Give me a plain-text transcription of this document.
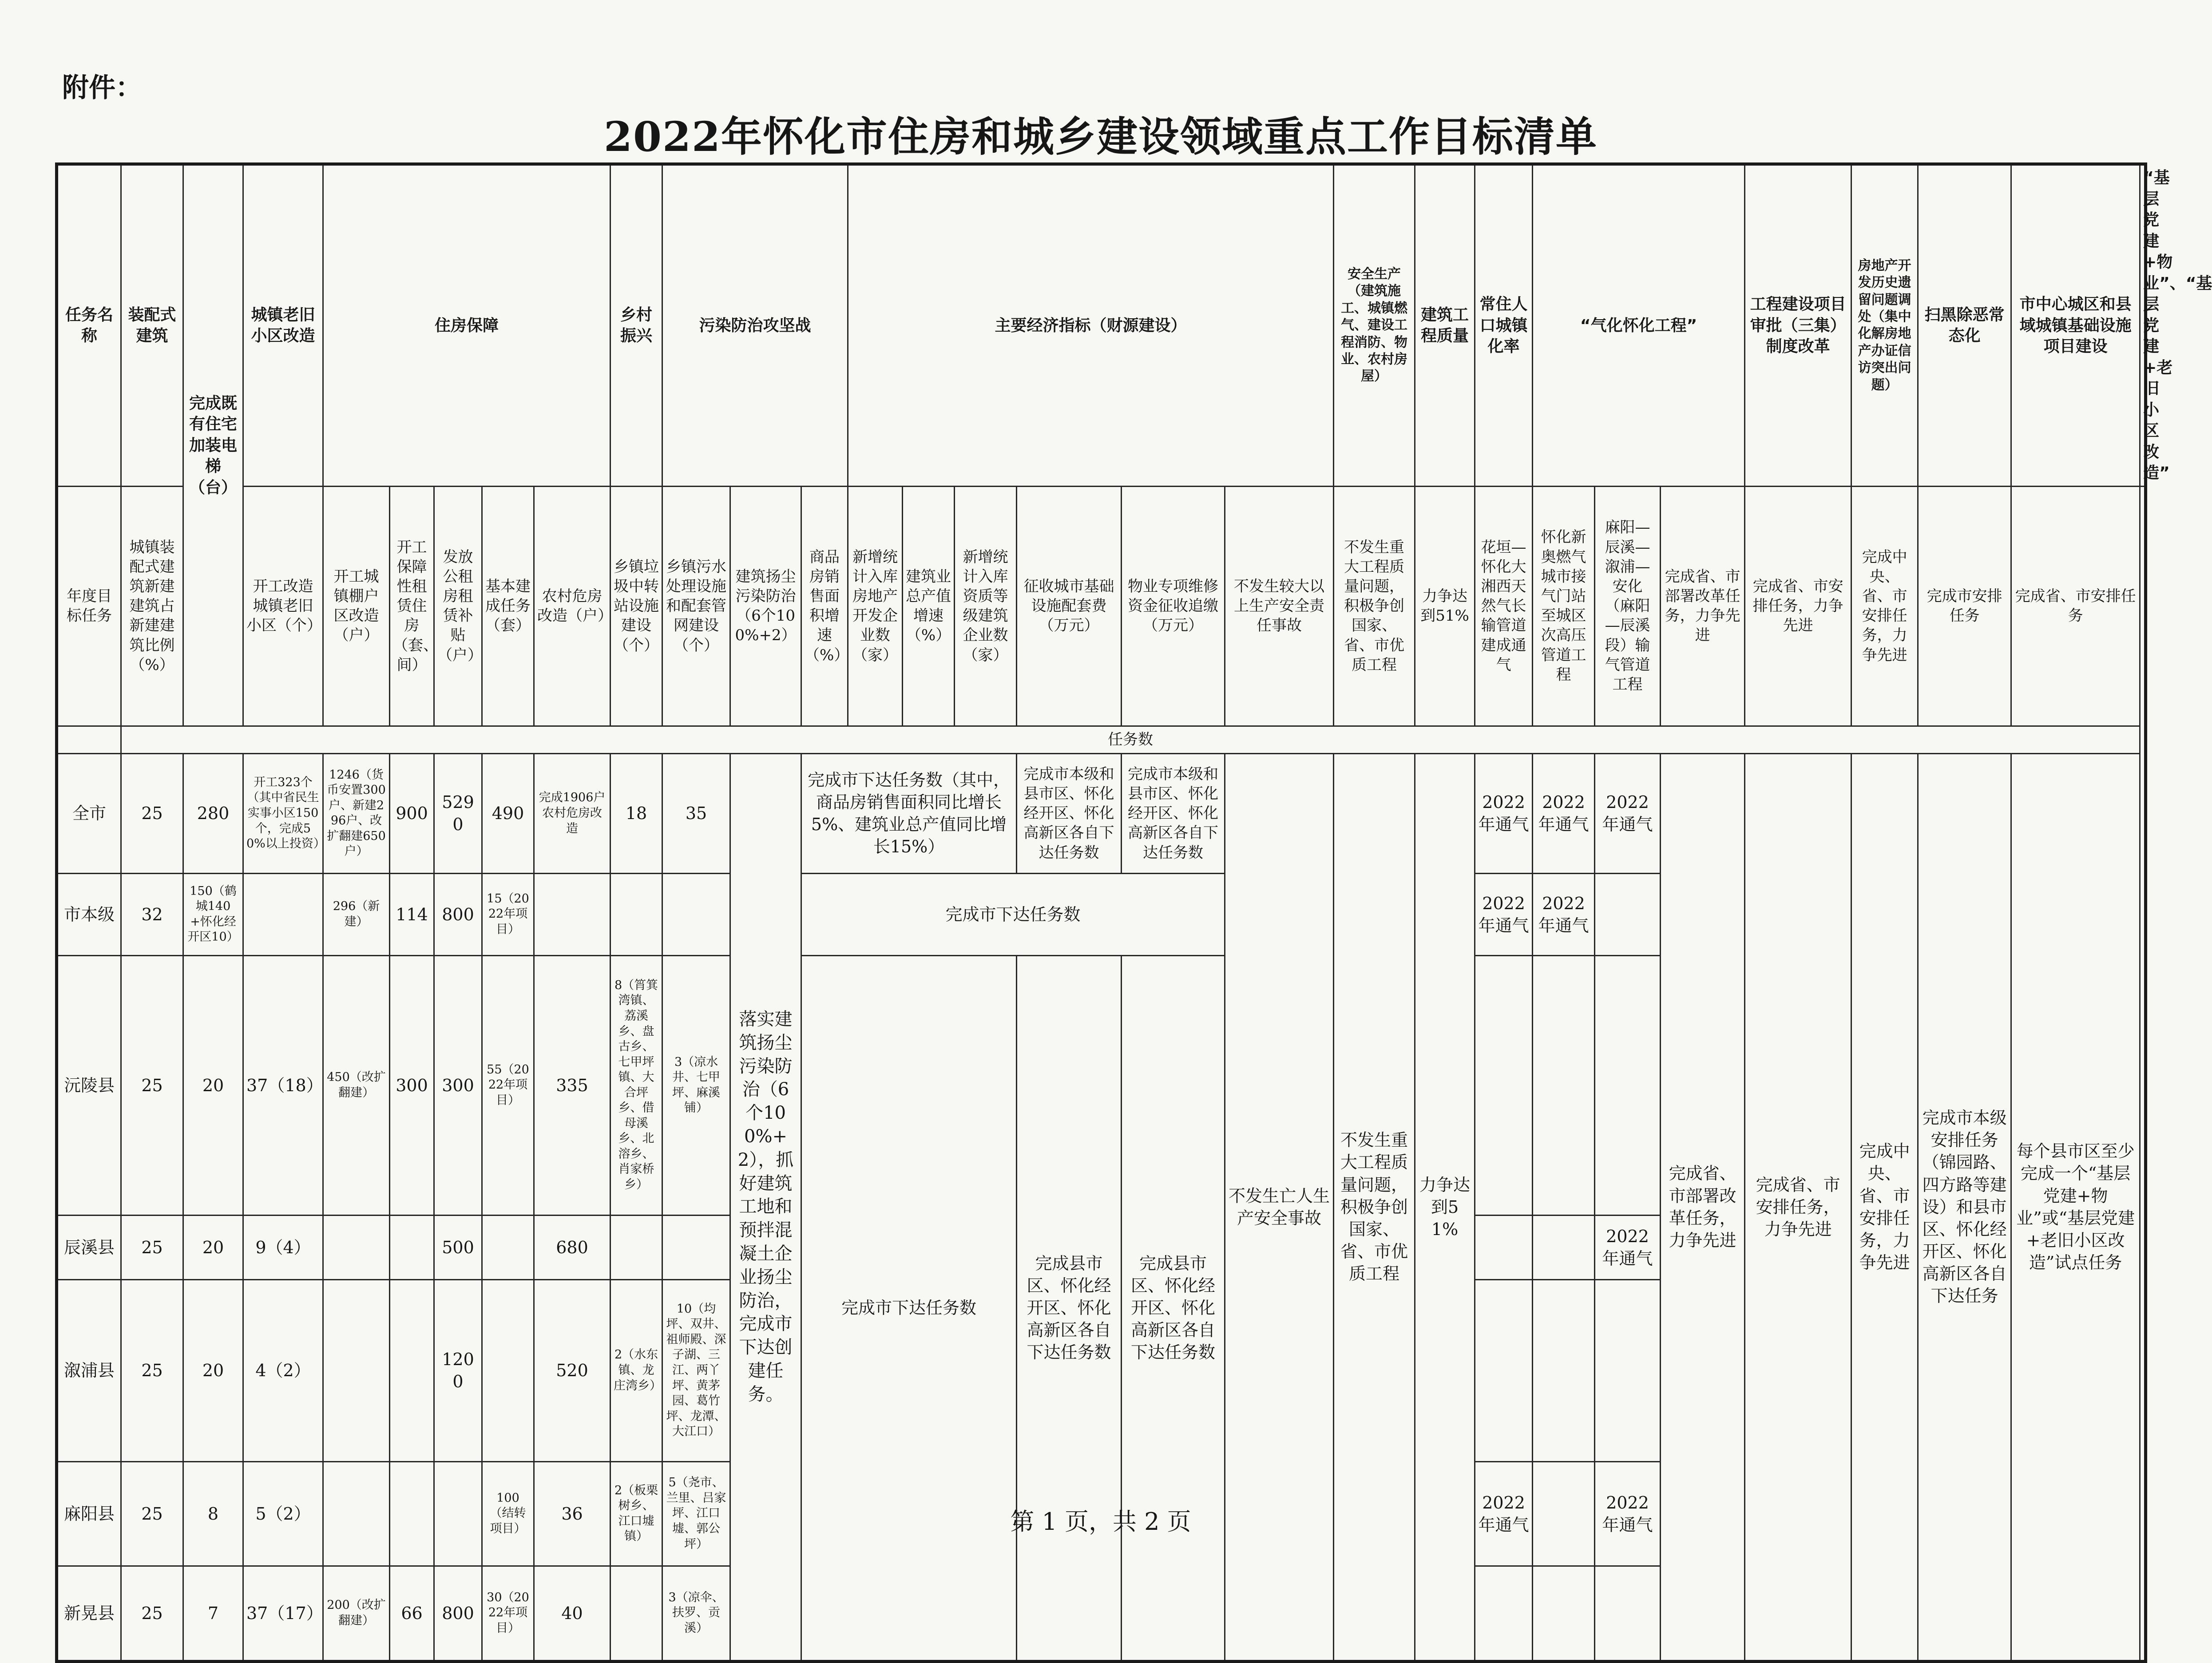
附件：
2022年怀化市住房和城乡建设领域重点工作目标清单
任务名称	装配式建筑	完成既有住宅加装电梯（台）	城镇老旧小区改造	住房保障					乡村振兴	污染防治攻坚战			主要经济指标（财源建设）						安全生产（建筑施工、城镇燃气、建设工程消防、物业、农村房屋）	建筑工程质量	常住人口城镇化率	“气化怀化工程”			工程建设项目审批（三集）制度改革	房地产开发历史遗留问题调处（集中化解房地产办证信访突出问题）	扫黑除恶常态化	市中心城区和县域城镇基础设施项目建设	“基层党建+物业”、“基层党建+老旧小区改造”
年度目标任务	城镇装配式建筑新建建筑占新建建筑比例（%）		开工改造城镇老旧小区（个）	开工城镇棚户区改造（户）	开工保障性租赁住房（套、间）	发放公租房租赁补贴（户）	基本建成任务（套）	农村危房改造（户）	乡镇垃圾中转站设施建设（个）	乡镇污水处理设施和配套管网建设（个）	建筑扬尘污染防治（6个100%+2）	商品房销售面积增速（%）	新增统计入库房地产开发企业数（家）	建筑业总产值增速（%）	新增统计入库资质等级建筑企业数（家）	征收城市基础设施配套费（万元）	物业专项维修资金征收追缴（万元）	不发生较大以上生产安全责任事故	不发生重大工程质量问题，积极争创国家、省、市优质工程	力争达到51%	花垣—怀化大湘西天然气长输管道建成通气	怀化新奥燃气城市接气门站至城区次高压管道工程	麻阳—辰溪—溆浦—安化（麻阳—辰溪段）输气管道工程	完成省、市部署改革任务，力争先进	完成省、市安排任务，力争先进	完成中央、省、市安排任务，力争先进	完成市安排任务	完成省、市安排任务	
	任务数																												
全市	25	280	开工323个（其中省民生实事小区150个，完成50%以上投资）	1246（货币安置300户、新建296户、改扩翻建650户）	900	5290	490	完成1906户农村危房改造	18	35	落实建筑扬尘污染防治（6个100%+2），抓好建筑工地和预拌混凝土企业扬尘防治，完成市下达创建任务。	完成市下达任务数（其中，商品房销售面积同比增长5%、建筑业总产值同比增长15%）				完成市本级和县市区、怀化经开区、怀化高新区各自下达任务数	完成市本级和县市区、怀化经开区、怀化高新区各自下达任务数	不发生亡人生产安全事故	不发生重大工程质量问题，积极争创国家、省、市优质工程	力争达到51%	2022年通气	2022年通气	2022年通气	完成省、市部署改革任务，力争先进	完成省、市安排任务，力争先进	完成中央、省、市安排任务，力争先进	完成市本级安排任务（锦园路、四方路等建设）和县市区、怀化经开区、怀化高新区各自下达任务	每个县市区至少完成一个“基层党建+物业”或“基层党建+老旧小区改造”试点任务	
市本级	32	150（鹤城140+怀化经开区10）		296（新建）	114	800	15（2022年项目）					完成市下达任务数									2022年通气	2022年通气							
沅陵县	25	20	37（18）	450（改扩翻建）	300	300	55（2022年项目）	335	8（筲箕湾镇、荔溪乡、盘古乡、七甲坪镇、大合坪乡、借母溪乡、北溶乡、肖家桥乡）	3（凉水井、七甲坪、麻溪铺）		完成市下达任务数				完成县市区、怀化经开区、怀化高新区各自下达任务数	完成县市区、怀化经开区、怀化高新区各自下达任务数												
辰溪县	25	20	9（4）			500		680															2022年通气						
溆浦县	25	20	4（2）			1200		520	2（水东镇、龙庄湾乡）	10（均坪、双井、祖师殿、深子湖、三江、两丫坪、黄茅园、葛竹坪、龙潭、大江口）																			
麻阳县	25	8	5（2）				100（结转项目）	36	2（板栗树乡、江口墟镇）	5（尧市、兰里、吕家坪、江口墟、郭公坪）											2022年通气		2022年通气						
新晃县	25	7	37（17）	200（改扩翻建）	66	800	30（2022年项目）	40		3（凉伞、扶罗、贡溪）																			
第 1 页，共 2 页
